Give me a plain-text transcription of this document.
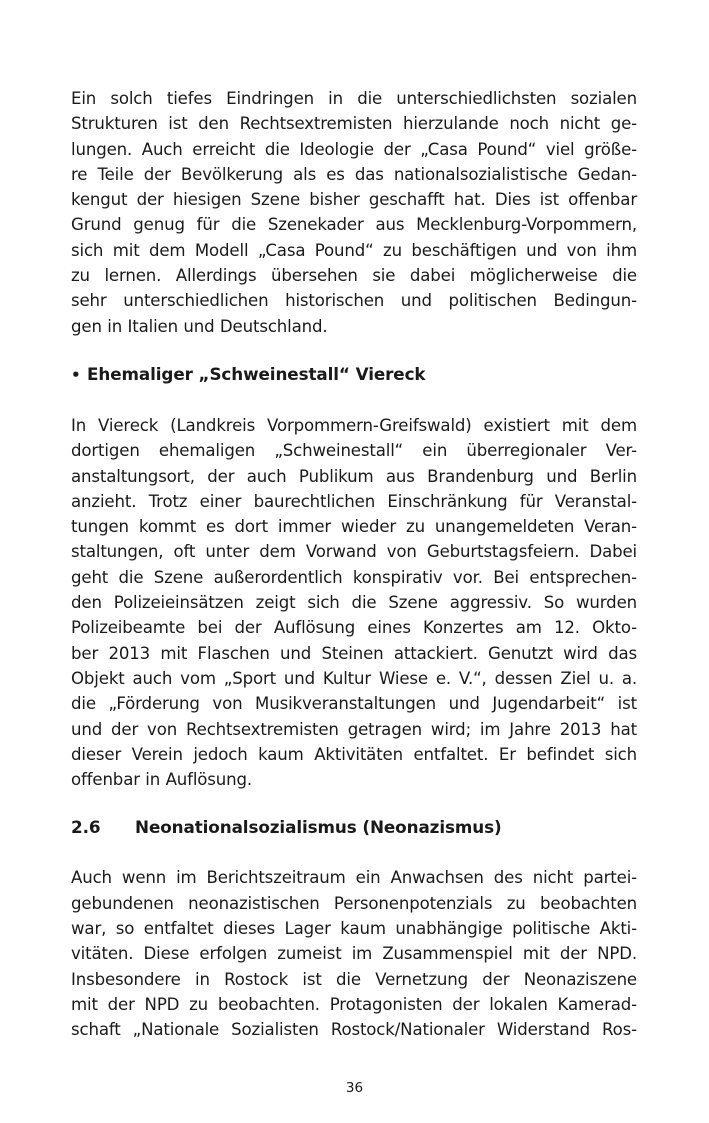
Ein solch tiefes Eindringen in die unterschiedlichsten sozialen
Strukturen ist den Rechtsextremisten hierzulande noch nicht ge-
lungen. Auch erreicht die Ideologie der „Casa Pound“ viel größe-
re Teile der Bevölkerung als es das nationalsozialistische Gedan-
kengut der hiesigen Szene bisher geschafft hat. Dies ist offenbar
Grund genug für die Szenekader aus Mecklenburg-Vorpommern,
sich mit dem Modell „Casa Pound“ zu beschäftigen und von ihm
zu lernen. Allerdings übersehen sie dabei möglicherweise die
sehr unterschiedlichen historischen und politischen Bedingun-
gen in Italien und Deutschland.

• Ehemaliger „Schweinestall“ Viereck

In Viereck (Landkreis Vorpommern-Greifswald) existiert mit dem
dortigen ehemaligen „Schweinestall“ ein überregionaler Ver-
anstaltungsort, der auch Publikum aus Brandenburg und Berlin
anzieht. Trotz einer baurechtlichen Einschränkung für Veranstal-
tungen kommt es dort immer wieder zu unangemeldeten Veran-
staltungen, oft unter dem Vorwand von Geburtstagsfeiern. Dabei
geht die Szene außerordentlich konspirativ vor. Bei entsprechen-
den Polizeieinsätzen zeigt sich die Szene aggressiv. So wurden
Polizeibeamte bei der Auflösung eines Konzertes am 12. Okto-
ber 2013 mit Flaschen und Steinen attackiert. Genutzt wird das
Objekt auch vom „Sport und Kultur Wiese e. V.“, dessen Ziel u. a.
die „Förderung von Musikveranstaltungen und Jugendarbeit“ ist
und der von Rechtsextremisten getragen wird; im Jahre 2013 hat
dieser Verein jedoch kaum Aktivitäten entfaltet. Er befindet sich
offenbar in Auflösung.

2.6	Neonationalsozialismus (Neonazismus)

Auch wenn im Berichtszeitraum ein Anwachsen des nicht partei-
gebundenen neonazistischen Personenpotenzials zu beobachten
war, so entfaltet dieses Lager kaum unabhängige politische Akti-
vitäten. Diese erfolgen zumeist im Zusammenspiel mit der NPD.
Insbesondere in Rostock ist die Vernetzung der Neonaziszene
mit der NPD zu beobachten. Protagonisten der lokalen Kamerad-
schaft „Nationale Sozialisten Rostock/Nationaler Widerstand Ros-

36
